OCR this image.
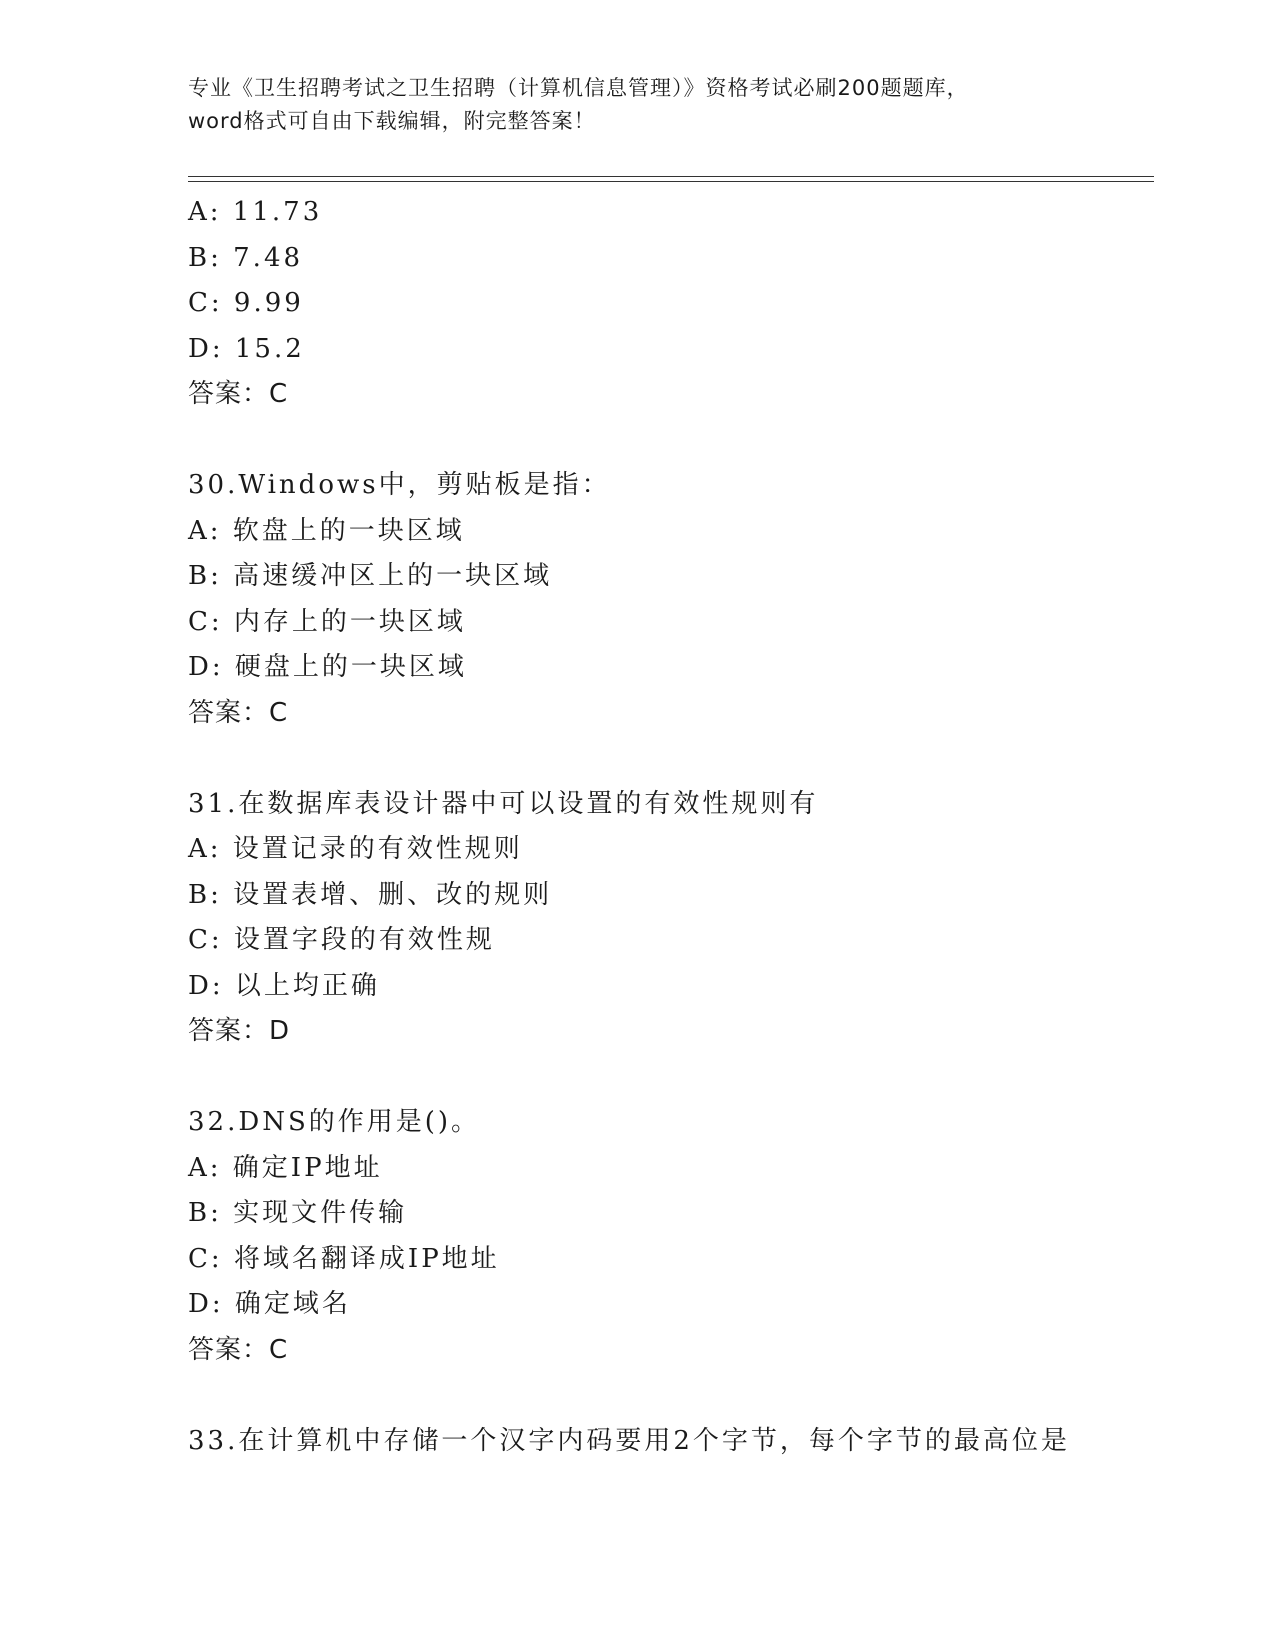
专业《卫生招聘考试之卫生招聘（计算机信息管理）》资格考试必刷200题题库，
word格式可自由下载编辑，附完整答案！
A: 11.73
B: 7.48
C: 9.99
D: 15.2
答案：C
30.Windows中，剪贴板是指：
A: 软盘上的一块区域
B: 高速缓冲区上的一块区域
C: 内存上的一块区域
D: 硬盘上的一块区域
答案：C
31.在数据库表设计器中可以设置的有效性规则有
A: 设置记录的有效性规则
B: 设置表增、删、改的规则
C: 设置字段的有效性规
D: 以上均正确
答案：D
32.DNS的作用是()。
A: 确定IP地址
B: 实现文件传输
C: 将域名翻译成IP地址
D: 确定域名
答案：C
33.在计算机中存储一个汉字内码要用2个字节，每个字节的最高位是
